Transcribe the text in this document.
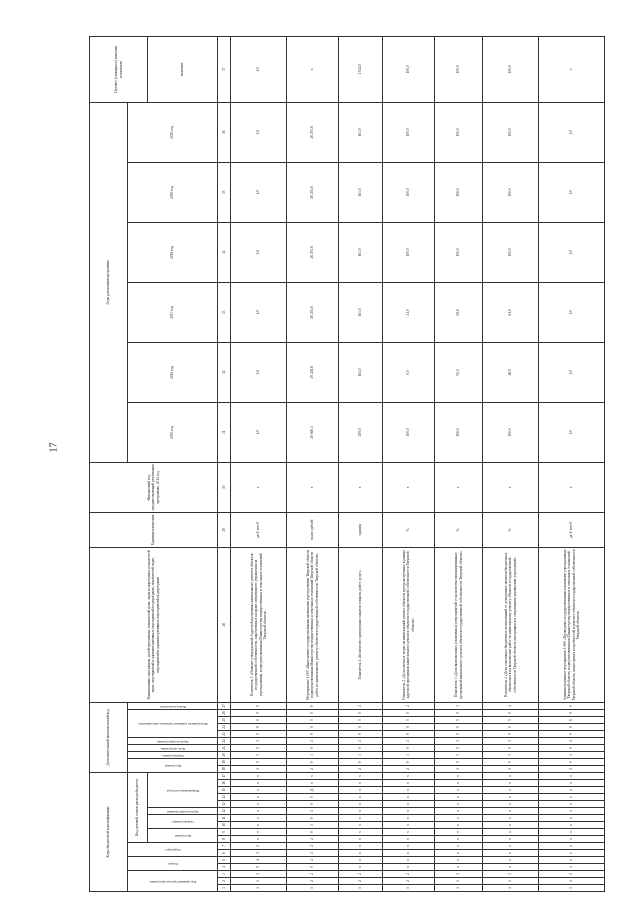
17
Коды бюджетной классификации																	Дополнительный аналитический код										Наименование программы, целей программы, показателей цели, задач подпрограмм, показателей задач, мероприятий и административных мероприятий подпрограмм, показателей задач, мероприятий и административных мероприятий подпрограмм	Единица измерения	Финансовый год, предшествующий реализации программы, 2014 год	Годы реализации программы						Целевое (суммарное) значение показателя

Код администратора программы			Раздел		Подраздел		Код целевой статьи расхода бюджета										Программа		Подпрограмма	Цель программы	Задача подпрограммы	Мероприятие (административное мероприятие)				Номер показателя				2015 год	2016 год	2017 год	2018 год	2019 год	2020 год	

							Программа		Подпрограмма		Задача подпрограммы	Направление расходов																								значение
1	2	3	4	5	6	7	8	9	10	11	12	13	14	15	16	17	18	19	20	21	22	23	24	25	26	27	28	29	30	31	32	33	34	35	36	37
1	2	2	0	4	1	2	х	х	х	х	х	х	х	х	х	х	2	0	3	0	1	0	0	0	0	0	Показатель 1 «Наличие утвержденной Адресной программы капитального ремонта объектов государственной собственности, закрепленных на праве оперативного управления за учреждениями, подведомственными Министерству имущественных и земельных отношений Тверской области»	да-1/ нет-0	х	1,0	1,0	1,0	1,0	1,0	1,0	1,0
1	2	2	0	4	1	2	2	0	3	0	1	0	5	Д	х	х	2	0	3	0	1	0	0	5	0	0	Мероприятие 1.005 «Выполнение государственными казенными учреждениями Тверской области подведомственными Министерству имущественных и земельных отношений Тверской области работ по капитальному ремонту объектов государственной собственности Тверской области»	тысяч рублей	х	29 660,1	29 438,8	26 253,6	26 253,6	26 253,6	26 253,6	х
1	2	2	х	х	х	х	х	х	х	х	х	х	х	х	х	х	2	0	3	0	1	0	0	5	0	1	Показатель 1 «Количество проведенных закупок товаров, работ, услуг»	единиц	х	209,0	161,0	163,0	163,0	163,0	163,0	1 022,0
1	2	2	х	х	х	х	х	х	х	х	х	х	х	х	х	х	2	0	3	0	1	0	0	5	0	2	Показатель 2 «Доля сметных затрат на капитальный ремонт объектов, предусмотренных в рамках адресной программы капитального ремонта объектов государственной собственности Тверской области»	%	х	100,0	0,0	21,0	100,0	100,0	100,0	100,0
1	2	2	х	х	х	х	х	х	х	х	х	х	х	х	х	х	2	0	3	0	1	0	0	5	0	3	Показатель 3 «Доля выполненных (оплаченных) мероприятий от количества запланированных программой капитального ремонта объектов государственной собственности Тверской области»	%	х	100,0	92,0	69,0	100,0	100,0	100,0	100,0
1	2	2	х	х	х	х	х	х	х	х	х	х	х	х	х	х	2	0	3	0	1	0	0	5	0	4	Показатель 4 «Доля освоенных бюджетных ассигнований от доведенных лимитов бюджетных обязательств на выполнение работ по капитальному ремонту объектов государственной собственности Тверской области, находящихся в оперативном управлении учреждений»	%	х	100,0	48,9	61,0	100,0	100,0	100,0	100,0
1	2	2	х	х	х	х	х	х	х	х	х	х	х	х	х	х	2	0	3	0	1	0	0	6	0	0	Административное мероприятие 1.006 «Проведение государственными казенными учреждениями Тверской области, подведомственными Министерству имущественных и земельных отношений Тверской области, мониторинга потребностей в ремонте объектов государственной собственности Тверской области»	да-1/ нет-0	х	1,0	1,0	1,0	1,0	1,0	1,0	х
